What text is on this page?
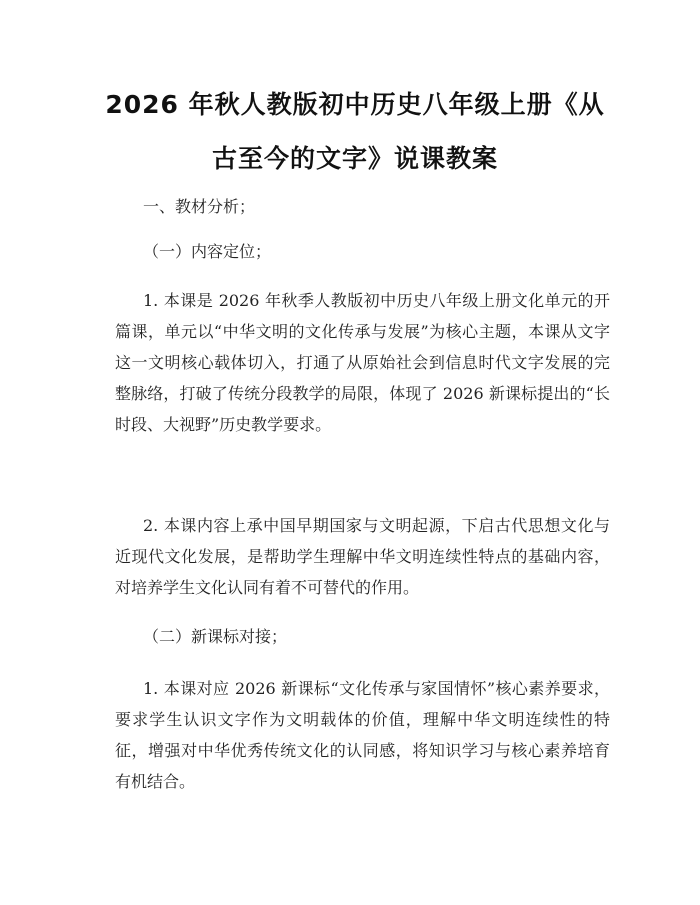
2026 年秋人教版初中历史八年级上册《从古至今的文字》说课教案
一、教材分析；
（一）内容定位；

1. 本课是 2026 年秋季人教版初中历史八年级上册文化单元的开篇课，单元以“中华文明的文化传承与发展”为核心主题，本课从文字这一文明核心载体切入，打通了从原始社会到信息时代文字发展的完整脉络，打破了传统分段教学的局限，体现了 2026 新课标提出的“长时段、大视野”历史教学要求。

2. 本课内容上承中国早期国家与文明起源，下启古代思想文化与近现代文化发展，是帮助学生理解中华文明连续性特点的基础内容，对培养学生文化认同有着不可替代的作用。

（二）新课标对接；

1. 本课对应 2026 新课标“文化传承与家国情怀”核心素养要求，要求学生认识文字作为文明载体的价值，理解中华文明连续性的特征，增强对中华优秀传统文化的认同感，将知识学习与核心素养培育有机结合。
